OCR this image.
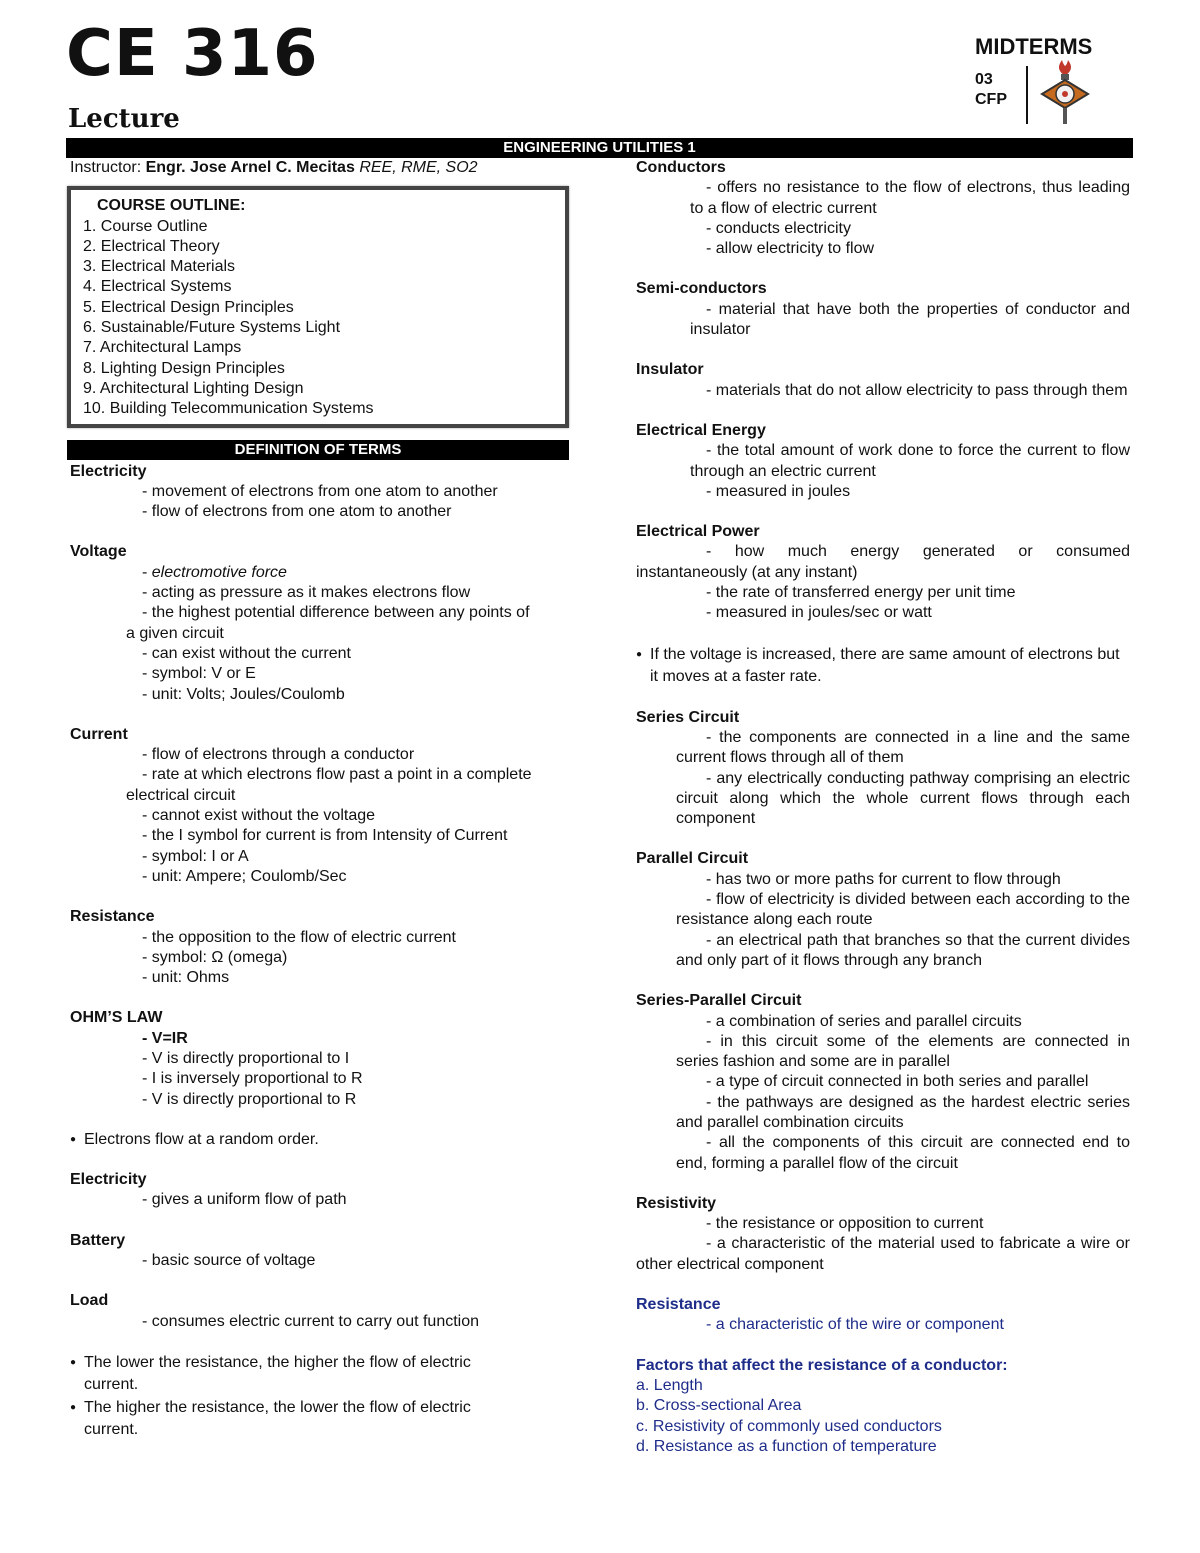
CE 316
Lecture
MIDTERMS
03
CFP
ENGINEERING UTILITIES 1
Instructor: Engr. Jose Arnel C. Mecitas REE, RME, SO2
COURSE OUTLINE:
1. Course Outline
2. Electrical Theory
3. Electrical Materials
4. Electrical Systems
5. Electrical Design Principles
6. Sustainable/Future Systems Light
7. Architectural Lamps
8. Lighting Design Principles
9. Architectural Lighting Design
10. Building Telecommunication Systems
DEFINITION OF TERMS
Electricity
- movement of electrons from one atom to another
- flow of electrons from one atom to another
Voltage
- electromotive force
- acting as pressure as it makes electrons flow
- the highest potential difference between any points of
a given circuit
- can exist without the current
- symbol: V or E
- unit: Volts; Joules/Coulomb
Current
- flow of electrons through a conductor
- rate at which electrons flow past a point in a complete
electrical circuit
- cannot exist without the voltage
- the I symbol for current is from Intensity of Current
- symbol: I or A
- unit: Ampere; Coulomb/Sec
Resistance
- the opposition to the flow of electric current
- symbol: Ω (omega)
- unit: Ohms
OHM’S LAW
- V=IR
- V is directly proportional to I
- I is inversely proportional to R
- V is directly proportional to R
● Electrons flow at a random order.
Electricity
- gives a uniform flow of path
Battery
- basic source of voltage
Load
- consumes electric current to carry out function
● The lower the resistance, the higher the flow of electric current.
● The higher the resistance, the lower the flow of electric current.
Conductors
- offers no resistance to the flow of electrons, thus leading to a flow of electric current
- conducts electricity
- allow electricity to flow
Semi-conductors
- material that have both the properties of conductor and insulator
Insulator
- materials that do not allow electricity to pass through them
Electrical Energy
- the total amount of work done to force the current to flow through an electric current
- measured in joules
Electrical Power
- how much energy generated or consumed instantaneously (at any instant)
- the rate of transferred energy per unit time
- measured in joules/sec or watt
● If the voltage is increased, there are same amount of electrons but it moves at a faster rate.
Series Circuit
- the components are connected in a line and the same current flows through all of them
- any electrically conducting pathway comprising an electric circuit along which the whole current flows through each component
Parallel Circuit
- has two or more paths for current to flow through
- flow of electricity is divided between each according to the resistance along each route
- an electrical path that branches so that the current divides and only part of it flows through any branch
Series-Parallel Circuit
- a combination of series and parallel circuits
- in this circuit some of the elements are connected in series fashion and some are in parallel
- a type of circuit connected in both series and parallel
- the pathways are designed as the hardest electric series and parallel combination circuits
- all the components of this circuit are connected end to end, forming a parallel flow of the circuit
Resistivity
- the resistance or opposition to current
- a characteristic of the material used to fabricate a wire or other electrical component
Resistance
- a characteristic of the wire or component
Factors that affect the resistance of a conductor:
a. Length
b. Cross-sectional Area
c. Resistivity of commonly used conductors
d. Resistance as a function of temperature
